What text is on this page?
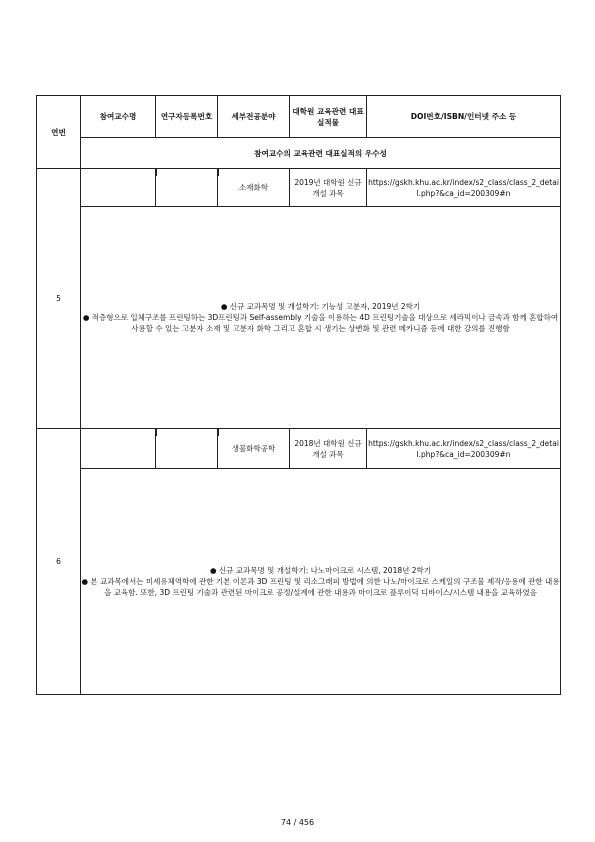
연번	참여교수명	연구자등록번호	세부전공분야	대학원 교육관련 대표실적물	DOI번호/ISBN/인터넷 주소 등
	참여교수의 교육관련 대표실적의 우수성				
5			소재화학	2019년 대학원 신규 개설 과목	https://gskh.khu.ac.kr/index/s2_class/class_2_detail.php?&ca_id=200309#n

	● 신규 교과목명 및 개설학기: 기능성 고분자, 2019년 2학기

● 적층형으로 입체구조를 프린팅하는 3D프린팅과 Self-assembly 기술을 이용하는 4D 프린팅기술을 대상으로 세라믹이나 금속과 함께 혼합하여 사용할 수 있는 고분자 소재 및 고분자 화학 그리고 혼합 시 생기는 상변화 및 관련 메카니즘 등에 대한 강의를 진행함				

6			생물화학공학	2018년 대학원 신규 개설 과목	https://gskh.khu.ac.kr/index/s2_class/class_2_detail.php?&ca_id=200309#n

	● 신규 교과목명 및 개설학기: 나노마이크로 시스템, 2018년 2학기

● 본 교과목에서는 미세유체역학에 관한 기본 이론과 3D 프린팅 및 리소그래피 방법에 의한 나노/마이크로 스케일의 구조물 제작/응용에 관한 내용을 교육함. 또한, 3D 프린팅 기술과 관련된 마이크로 공정/설계에 관한 내용과 마이크로 플루이딕 디바이스/시스템 내용을 교육하였음				

74 / 456
